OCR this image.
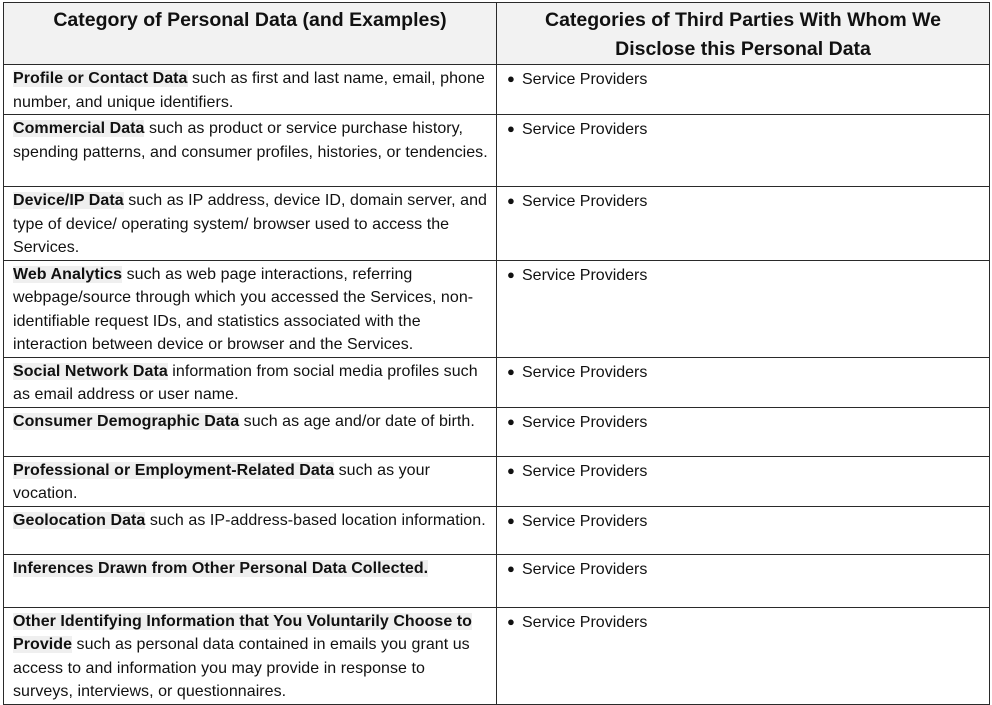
Category of Personal Data (and Examples)	Categories of Third Parties With Whom We Disclose this Personal Data
Profile or Contact Data such as first and last name, email, phone number, and unique identifiers.	● Service Providers
Commercial Data such as product or service purchase history, spending patterns, and consumer profiles, histories, or tendencies.	● Service Providers
Device/IP Data such as IP address, device ID, domain server, and type of device/ operating system/ browser used to access the Services.	● Service Providers
Web Analytics such as web page interactions, referring webpage/source through which you accessed the Services, non-identifiable request IDs, and statistics associated with the interaction between device or browser and the Services.	● Service Providers
Social Network Data information from social media profiles such as email address or user name.	● Service Providers
Consumer Demographic Data such as age and/or date of birth.	● Service Providers
Professional or Employment-Related Data such as your vocation.	● Service Providers
Geolocation Data such as IP-address-based location information.	● Service Providers
Inferences Drawn from Other Personal Data Collected.	● Service Providers
Other Identifying Information that You Voluntarily Choose to Provide such as personal data contained in emails you grant us access to and information you may provide in response to surveys, interviews, or questionnaires.	● Service Providers
